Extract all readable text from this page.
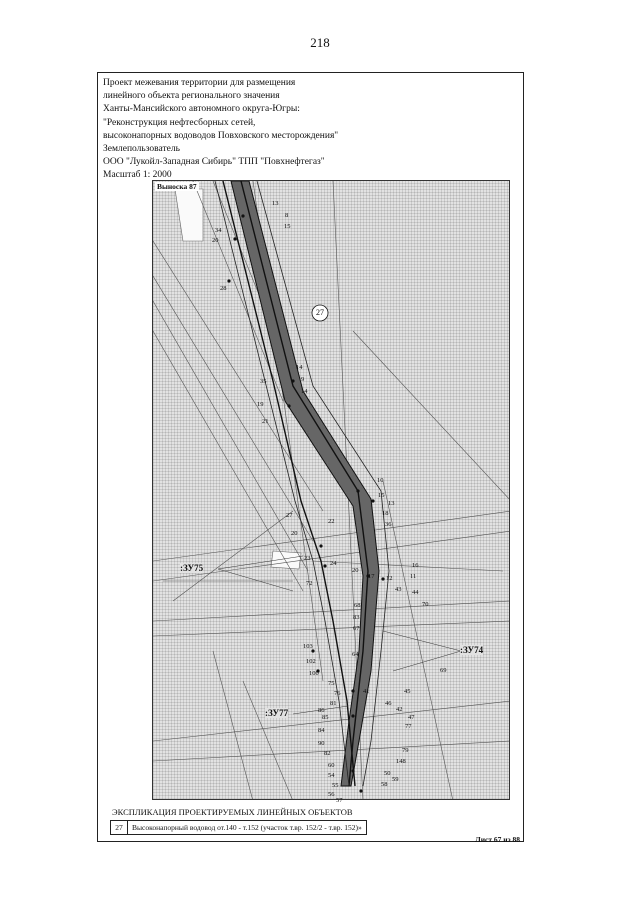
218
Проект межевания территории для размещения
линейного объекта регионального значения
Ханты-Мансийского автономного округа-Югры:
"Реконструкция нефтесборных сетей,
высоконапорных водоводов Повховского месторождения"
Землепользователь
ООО "Лукойл-Западная Сибирь" ТПП "Повхнефтегаз"
Масштаб 1: 2000
Выноска 87
:ЗУ75
:ЗУ74
:ЗУ77
27
13
8
15
34
20
28
14
9
14
35
19
21
10
15
13
18
36
27
22
20
23
24
20
16
11
72
17 12
43 44
70
68
83
67
103
64
69
102
100
75
76	45
81
41
46
42
86
85	47
84
77
90
79
82
148
60
54	50
55	58
56
59
57
ЭКСПЛИКАЦИЯ ПРОЕКТИРУЕМЫХ ЛИНЕЙНЫХ ОБЪЕКТОВ
27	Высоконапорный водовод от.140 - т.152 (участок т.вр. 152/2 - т.вр. 152)»
Лист 67 из 88
